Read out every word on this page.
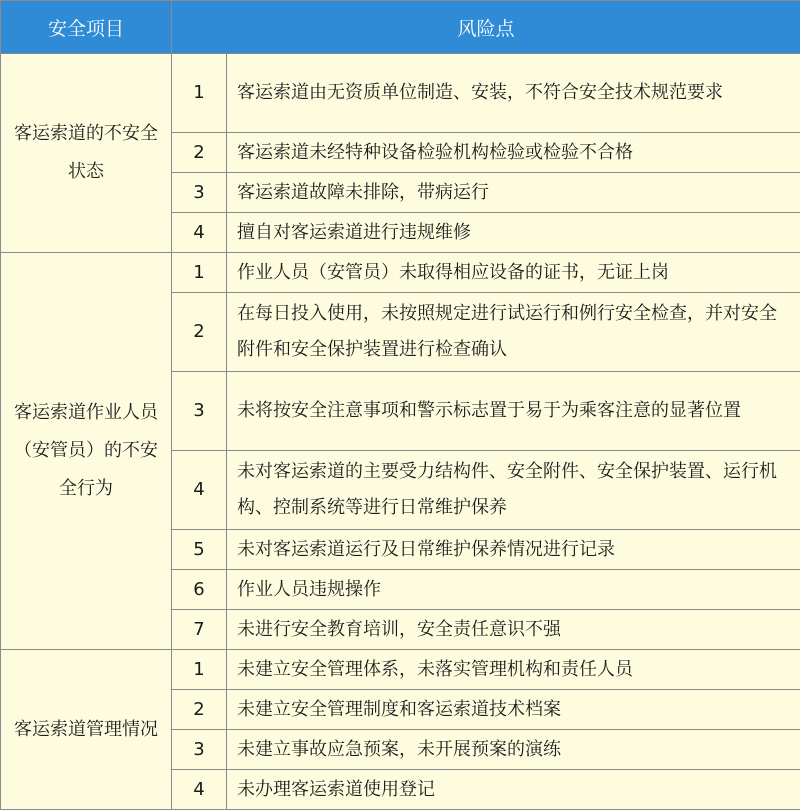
安全项目	风险点	
客运索道的不安全状态	1	客运索道由无资质单位制造、安装，不符合安全技术规范要求
	2	客运索道未经特种设备检验机构检验或检验不合格
	3	客运索道故障未排除，带病运行
	4	擅自对客运索道进行违规维修
客运索道作业人员（安管员）的不安全行为	1	作业人员（安管员）未取得相应设备的证书，无证上岗
	2	在每日投入使用，未按照规定进行试运行和例行安全检查，并对安全附件和安全保护装置进行检查确认
	3	未将按安全注意事项和警示标志置于易于为乘客注意的显著位置
	4	未对客运索道的主要受力结构件、安全附件、安全保护装置、运行机构、控制系统等进行日常维护保养
	5	未对客运索道运行及日常维护保养情况进行记录
	6	作业人员违规操作
	7	未进行安全教育培训，安全责任意识不强
客运索道管理情况	1	未建立安全管理体系，未落实管理机构和责任人员
	2	未建立安全管理制度和客运索道技术档案
	3	未建立事故应急预案，未开展预案的演练
	4	未办理客运索道使用登记
